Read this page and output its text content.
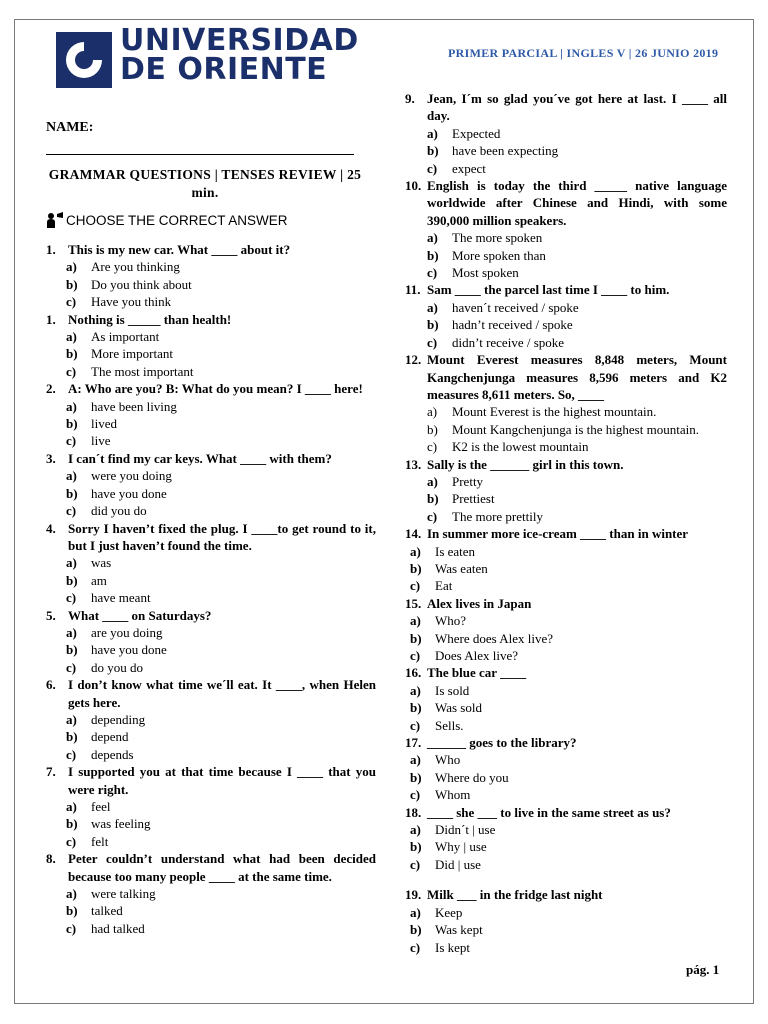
UNIVERSIDAD
DE ORIENTE	PRIMER PARCIAL | INGLES V | 26 JUNIO 2019
NAME:
GRAMMAR QUESTIONS | TENSES REVIEW | 25 min.
CHOOSE THE CORRECT ANSWER
1. This is my new car. What ____ about it?
a)	Are you thinking
b)	Do you think about
c)	Have you think
1. Nothing is _____ than health!
a)	As important
b)	More important
c)	The most important
2. A: Who are you? B: What do you mean? I ____ here!
a)	have been living
b)	lived
c)	live
3. I can´t find my car keys. What ____ with them?
a)	were you doing
b)	have you done
c)	did you do
4. Sorry I haven’t fixed the plug. I ____to get round to it, but I just haven’t found the time.
a)	was
b)	am
c)	have meant
5. What ____ on Saturdays?
a)	are you doing
b)	have you done
c)	do you do
6. I don’t know what time we´ll eat. It ____, when Helen gets here.
a)	depending
b)	depend
c)	depends
7. I supported you at that time because I ____ that you were right.
a)	feel
b)	was feeling
c)	felt
8. Peter couldn’t understand what had been decided because too many people ____ at the same time.
a)	were talking
b)	talked
c)	had talked
9. Jean, I´m so glad you´ve got here at last. I ____ all day.
a)	Expected
b)	have been expecting
c)	expect
10. English is today the third _____ native language worldwide after Chinese and Hindi, with some 390,000 million speakers.
a)	The more spoken
b)	More spoken than
c)	Most spoken
11. Sam ____ the parcel last time I ____ to him.
a)	haven´t received / spoke
b)	hadn’t received / spoke
c)	didn’t receive / spoke
12. Mount Everest measures 8,848 meters, Mount Kangchenjunga measures 8,596 meters and K2 measures 8,611 meters. So, ____
a)	Mount Everest is the highest mountain.
b)	Mount Kangchenjunga is the highest mountain.
c)	K2 is the lowest mountain
13. Sally is the ______ girl in this town.
a)	Pretty
b)	Prettiest
c)	The more prettily
14. In summer more ice-cream ____ than in winter
a)	Is eaten
b)	Was eaten
c)	Eat
15. Alex lives in Japan
a)	Who?
b)	Where does Alex live?
c)	Does Alex live?
16. The blue car ____
a)	Is sold
b)	Was sold
c)	Sells.
17. ______ goes to the library?
a)	Who
b)	Where do you
c)	Whom
18. ____ she ___ to live in the same street as us?
a)	Didn´t | use
b)	Why | use
c)	Did | use
19. Milk ___ in the fridge last night
a)	Keep
b)	Was kept
c)	Is kept
pág. 1
